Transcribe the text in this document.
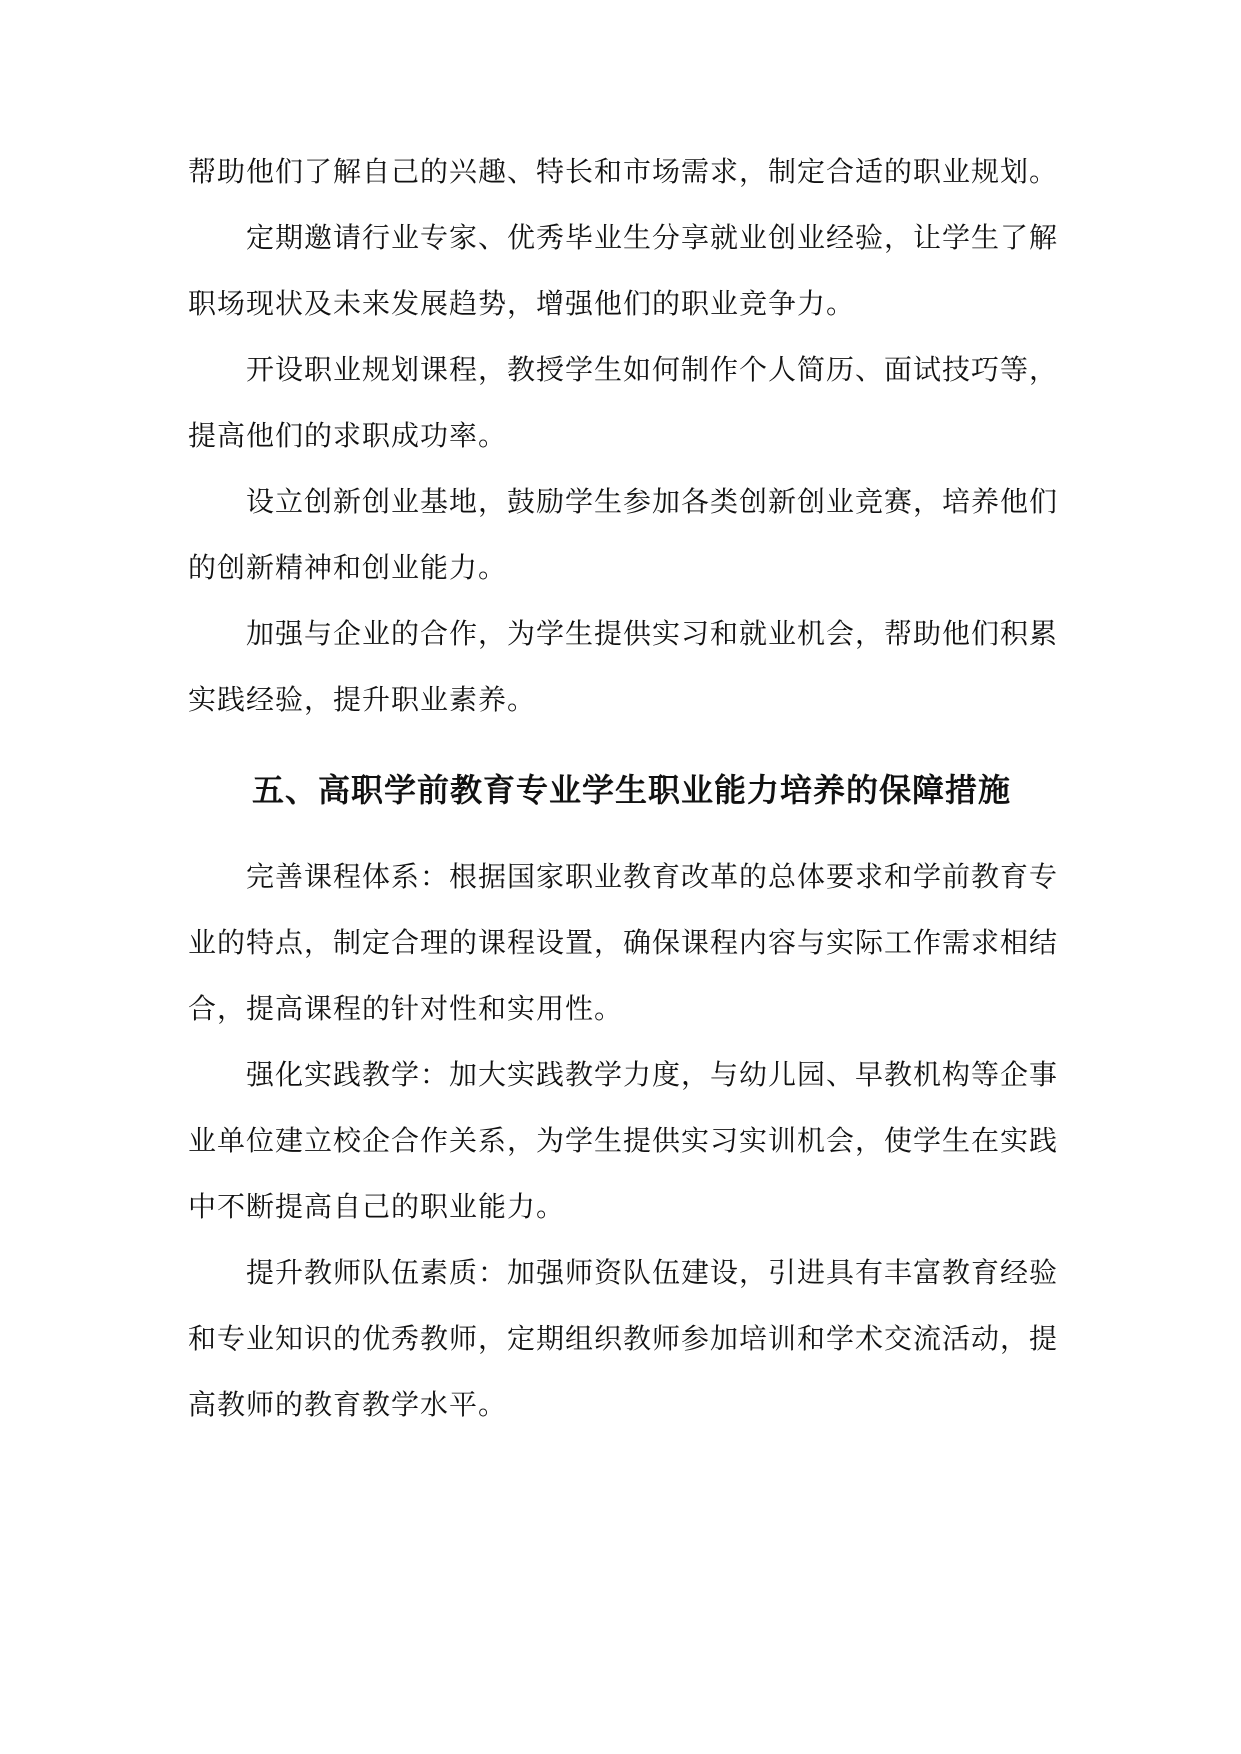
帮助他们了解自己的兴趣、特长和市场需求，制定合适的职业规划。
定期邀请行业专家、优秀毕业生分享就业创业经验，让学生了解
职场现状及未来发展趋势，增强他们的职业竞争力。
开设职业规划课程，教授学生如何制作个人简历、面试技巧等，
提高他们的求职成功率。
设立创新创业基地，鼓励学生参加各类创新创业竞赛，培养他们
的创新精神和创业能力。
加强与企业的合作，为学生提供实习和就业机会，帮助他们积累
实践经验，提升职业素养。
五、高职学前教育专业学生职业能力培养的保障措施
完善课程体系：根据国家职业教育改革的总体要求和学前教育专
业的特点，制定合理的课程设置，确保课程内容与实际工作需求相结
合，提高课程的针对性和实用性。
强化实践教学：加大实践教学力度，与幼儿园、早教机构等企事
业单位建立校企合作关系，为学生提供实习实训机会，使学生在实践
中不断提高自己的职业能力。
提升教师队伍素质：加强师资队伍建设，引进具有丰富教育经验
和专业知识的优秀教师，定期组织教师参加培训和学术交流活动，提
高教师的教育教学水平。
